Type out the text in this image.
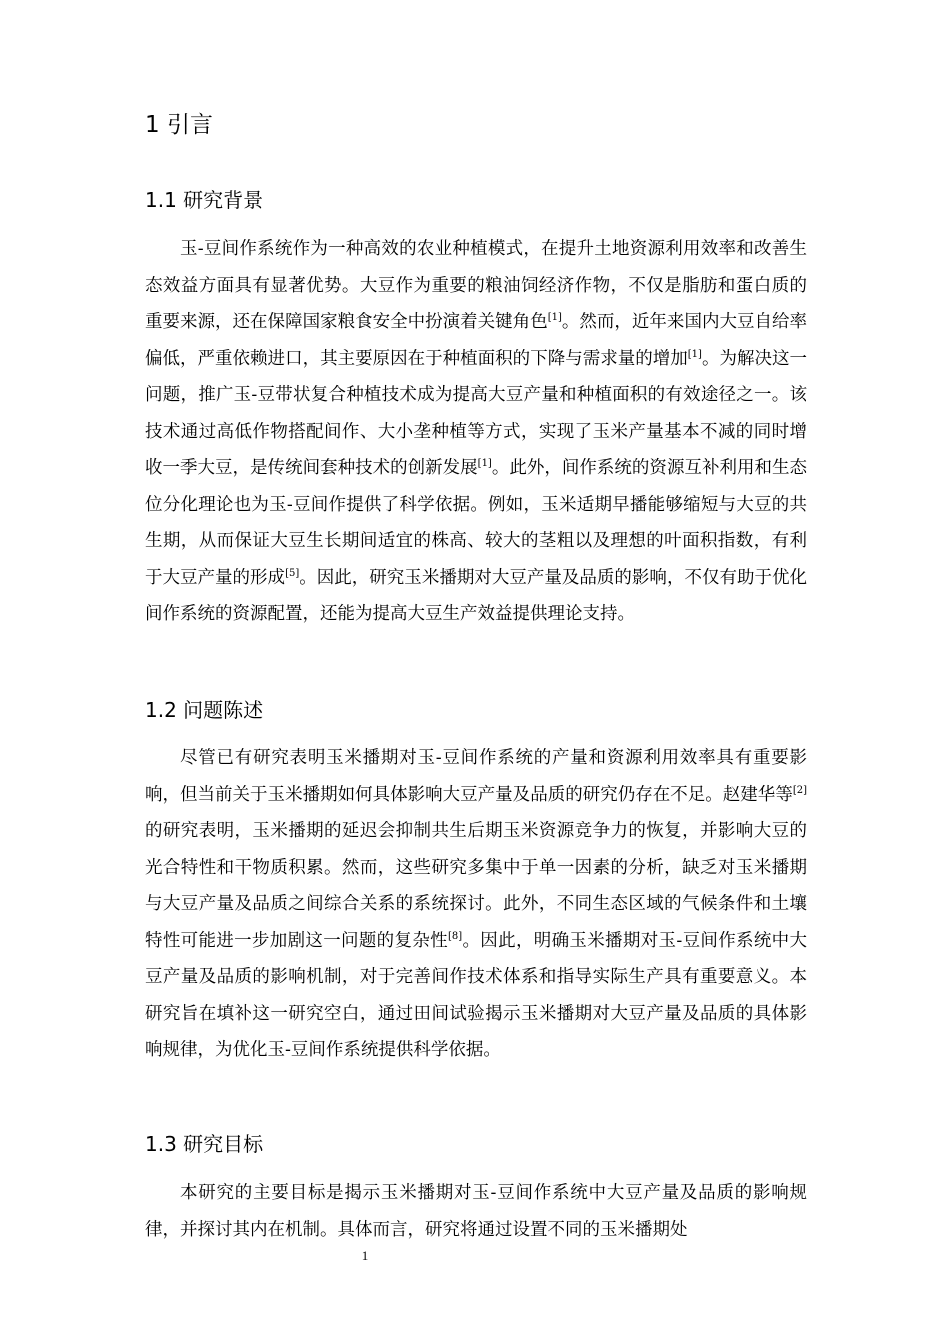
1 引言
1.1 研究背景

玉-豆间作系统作为一种高效的农业种植模式，在提升土地资源利用效率和改善生态效益方面具有显著优势。大豆作为重要的粮油饲经济作物，不仅是脂肪和蛋白质的重要来源，还在保障国家粮食安全中扮演着关键角色[1]。然而，近年来国内大豆自给率偏低，严重依赖进口，其主要原因在于种植面积的下降与需求量的增加[1]。为解决这一问题，推广玉-豆带状复合种植技术成为提高大豆产量和种植面积的有效途径之一。该技术通过高低作物搭配间作、大小垄种植等方式，实现了玉米产量基本不减的同时增收一季大豆，是传统间套种技术的创新发展[1]。此外，间作系统的资源互补利用和生态位分化理论也为玉-豆间作提供了科学依据。例如，玉米适期早播能够缩短与大豆的共生期，从而保证大豆生长期间适宜的株高、较大的茎粗以及理想的叶面积指数，有利于大豆产量的形成[5]。因此，研究玉米播期对大豆产量及品质的影响，不仅有助于优化间作系统的资源配置，还能为提高大豆生产效益提供理论支持。

1.2 问题陈述

尽管已有研究表明玉米播期对玉-豆间作系统的产量和资源利用效率具有重要影响，但当前关于玉米播期如何具体影响大豆产量及品质的研究仍存在不足。赵建华等[2]的研究表明，玉米播期的延迟会抑制共生后期玉米资源竞争力的恢复，并影响大豆的光合特性和干物质积累。然而，这些研究多集中于单一因素的分析，缺乏对玉米播期与大豆产量及品质之间综合关系的系统探讨。此外，不同生态区域的气候条件和土壤特性可能进一步加剧这一问题的复杂性[8]。因此，明确玉米播期对玉-豆间作系统中大豆产量及品质的影响机制，对于完善间作技术体系和指导实际生产具有重要意义。本研究旨在填补这一研究空白，通过田间试验揭示玉米播期对大豆产量及品质的具体影响规律，为优化玉-豆间作系统提供科学依据。

1.3 研究目标

本研究的主要目标是揭示玉米播期对玉-豆间作系统中大豆产量及品质的影响规律，并探讨其内在机制。具体而言，研究将通过设置不同的玉米播期处

1
